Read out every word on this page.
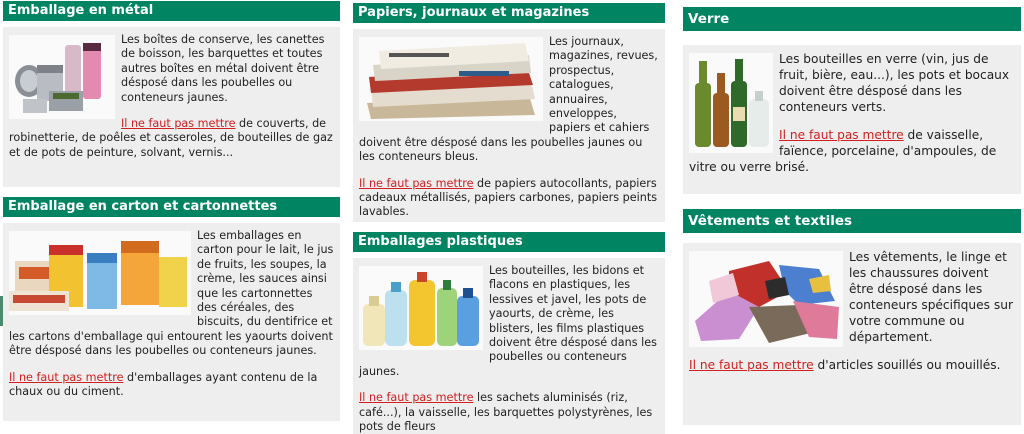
Emballage en métal

Les boîtes de conserve, les canettes de boisson, les barquettes et toutes autres boîtes en métal doivent être désposé dans les poubelles ou conteneurs jaunes.

Il ne faut pas mettre de couverts, de robinetterie, de poêles et casseroles, de bouteilles de gaz et de pots de peinture, solvant, vernis...

Emballage en carton et cartonnettes

Les emballages en carton pour le lait, le jus de fruits, les soupes, la crème, les sauces ainsi que les cartonnettes des céréales, des biscuits, du dentifrice et les cartons d'emballage qui entourent les yaourts doivent être désposé dans les poubelles ou conteneurs jaunes.

Il ne faut pas mettre d'emballages ayant contenu de la chaux ou du ciment.

Papiers, journaux et magazines

Les journaux, magazines, revues, prospectus, catalogues, annuaires, enveloppes, papiers et cahiers doivent être désposé dans les poubelles jaunes ou les conteneurs bleus.

Il ne faut pas mettre de papiers autocollants, papiers cadeaux métallisés, papiers carbones, papiers peints lavables.

Emballages plastiques

Les bouteilles, les bidons et flacons en plastiques, les lessives et javel, les pots de yaourts, de crème, les blisters, les films plastiques doivent être désposé dans les poubelles ou conteneurs jaunes.

Il ne faut pas mettre les sachets aluminisés (riz, café...), la vaisselle, les barquettes polystyrènes, les pots de fleurs

Verre

Les bouteilles en verre (vin, jus de fruit, bière, eau...), les pots et bocaux doivent être désposé dans les conteneurs verts.

Il ne faut pas mettre de vaisselle, faïence, porcelaine, d'ampoules, de vitre ou verre brisé.

Vêtements et textiles

Les vêtements, le linge et les chaussures doivent être désposé dans les conteneurs spécifiques sur votre commune ou département.

Il ne faut pas mettre d'articles souillés ou mouillés.
